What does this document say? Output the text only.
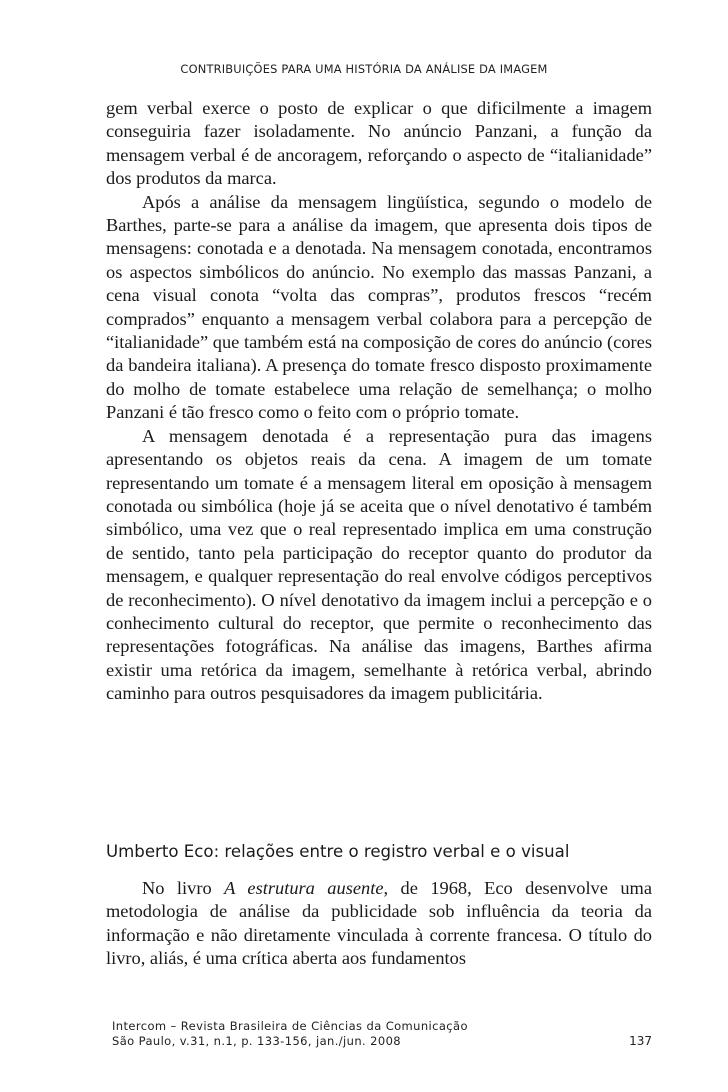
CONTRIBUIÇÕES PARA UMA HISTÓRIA DA ANÁLISE DA IMAGEM

gem verbal exerce o posto de explicar o que dificilmente a imagem conseguiria fazer isoladamente. No anúncio Panzani, a função da mensagem verbal é de ancoragem, reforçando o aspecto de “italianidade” dos produtos da marca.

Após a análise da mensagem lingüística, segundo o modelo de Barthes, parte-se para a análise da imagem, que apresenta dois tipos de mensagens: conotada e a denotada. Na mensagem conotada, encontramos os aspectos simbólicos do anúncio. No exemplo das massas Panzani, a cena visual conota “volta das compras”, produtos frescos “recém comprados” enquanto a mensagem verbal colabora para a percepção de “italianidade” que também está na composição de cores do anúncio (cores da bandeira italiana). A presença do tomate fresco disposto proximamente do molho de tomate estabelece uma relação de semelhança; o molho Panzani é tão fresco como o feito com o próprio tomate.

A mensagem denotada é a representação pura das imagens apresentando os objetos reais da cena. A imagem de um tomate representando um tomate é a mensagem literal em oposição à mensagem conotada ou simbólica (hoje já se aceita que o nível denotativo é também simbólico, uma vez que o real representado implica em uma construção de sentido, tanto pela participação do receptor quanto do produtor da mensagem, e qualquer representação do real envolve códigos perceptivos de reconhecimento). O nível denotativo da imagem inclui a percepção e o conhecimento cultural do receptor, que permite o reconhecimento das representações fotográficas. Na análise das imagens, Barthes afirma existir uma retórica da imagem, semelhante à retórica verbal, abrindo caminho para outros pesquisadores da imagem publicitária.

Umberto Eco: relações entre o registro verbal e o visual

No livro A estrutura ausente, de 1968, Eco desenvolve uma metodologia de análise da publicidade sob influência da teoria da informação e não diretamente vinculada à corrente francesa. O título do livro, aliás, é uma crítica aberta aos fundamentos

Intercom – Revista Brasileira de Ciências da Comunicação
São Paulo, v.31, n.1, p. 133-156, jan./jun. 2008	137
